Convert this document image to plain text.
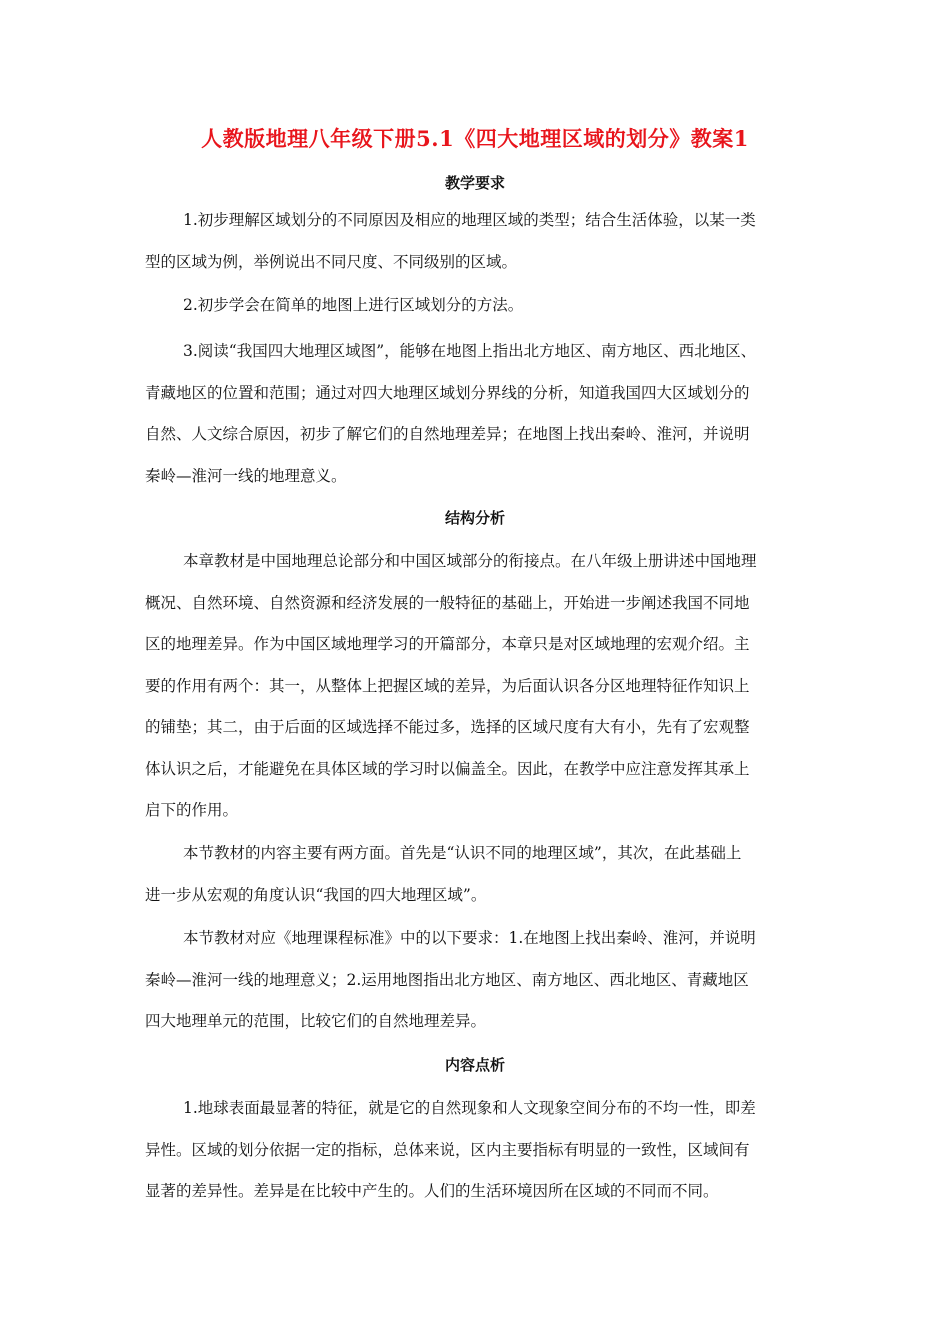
人教版地理八年级下册5.1《四大地理区域的划分》教案1
教学要求
1.初步理解区域划分的不同原因及相应的地理区域的类型；结合生活体验，以某一类
型的区域为例，举例说出不同尺度、不同级别的区域。
2.初步学会在简单的地图上进行区域划分的方法。
3.阅读“我国四大地理区域图”，能够在地图上指出北方地区、南方地区、西北地区、
青藏地区的位置和范围；通过对四大地理区域划分界线的分析，知道我国四大区域划分的
自然、人文综合原因，初步了解它们的自然地理差异；在地图上找出秦岭、淮河，并说明
秦岭—淮河一线的地理意义。
结构分析
本章教材是中国地理总论部分和中国区域部分的衔接点。在八年级上册讲述中国地理
概况、自然环境、自然资源和经济发展的一般特征的基础上，开始进一步阐述我国不同地
区的地理差异。作为中国区域地理学习的开篇部分，本章只是对区域地理的宏观介绍。主
要的作用有两个：其一，从整体上把握区域的差异，为后面认识各分区地理特征作知识上
的铺垫；其二，由于后面的区域选择不能过多，选择的区域尺度有大有小，先有了宏观整
体认识之后，才能避免在具体区域的学习时以偏盖全。因此，在教学中应注意发挥其承上
启下的作用。
本节教材的内容主要有两方面。首先是“认识不同的地理区域”，其次，在此基础上
进一步从宏观的角度认识“我国的四大地理区域”。
本节教材对应《地理课程标准》中的以下要求：1.在地图上找出秦岭、淮河，并说明
秦岭—淮河一线的地理意义；2.运用地图指出北方地区、南方地区、西北地区、青藏地区
四大地理单元的范围，比较它们的自然地理差异。
内容点析
1.地球表面最显著的特征，就是它的自然现象和人文现象空间分布的不均一性，即差
异性。区域的划分依据一定的指标，总体来说，区内主要指标有明显的一致性，区域间有
显著的差异性。差异是在比较中产生的。人们的生活环境因所在区域的不同而不同。
